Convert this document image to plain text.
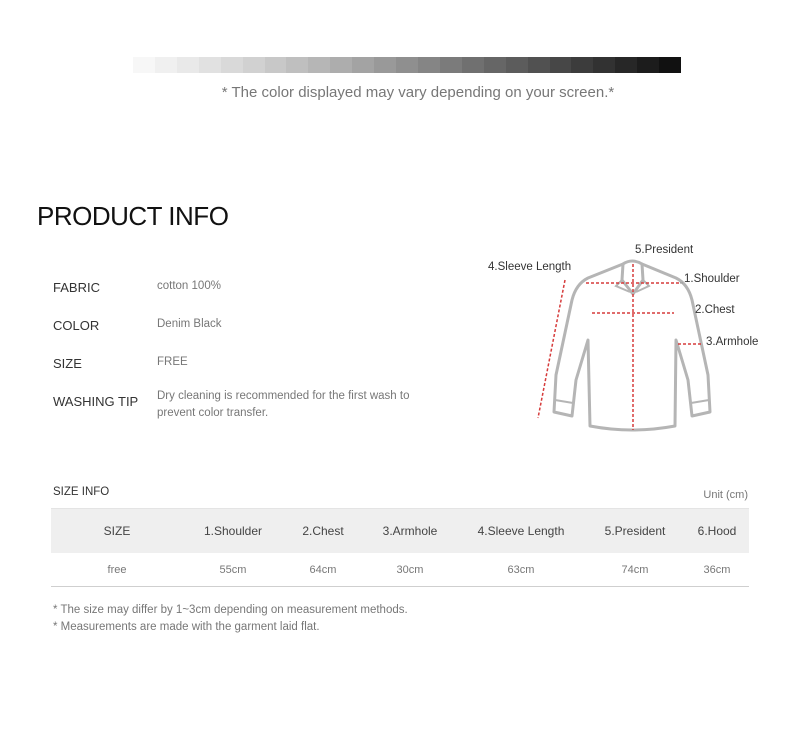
* The color displayed may vary depending on your screen.*
PRODUCT INFO
FABRIC	cotton 100%
COLOR	Denim Black
SIZE	FREE
WASHING TIP Dry cleaning is recommended for the first wash to prevent color transfer.
5.President
4.Sleeve Length
1.Shoulder
2.Chest
3.Armhole
SIZE INFO	Unit (cm)
SIZE	1.Shoulder	2.Chest	3.Armhole	4.Sleeve Length	5.President	6.Hood
free	55cm	64cm	30cm	63cm	74cm	36cm
* The size may differ by 1~3cm depending on measurement methods.
* Measurements are made with the garment laid flat.
